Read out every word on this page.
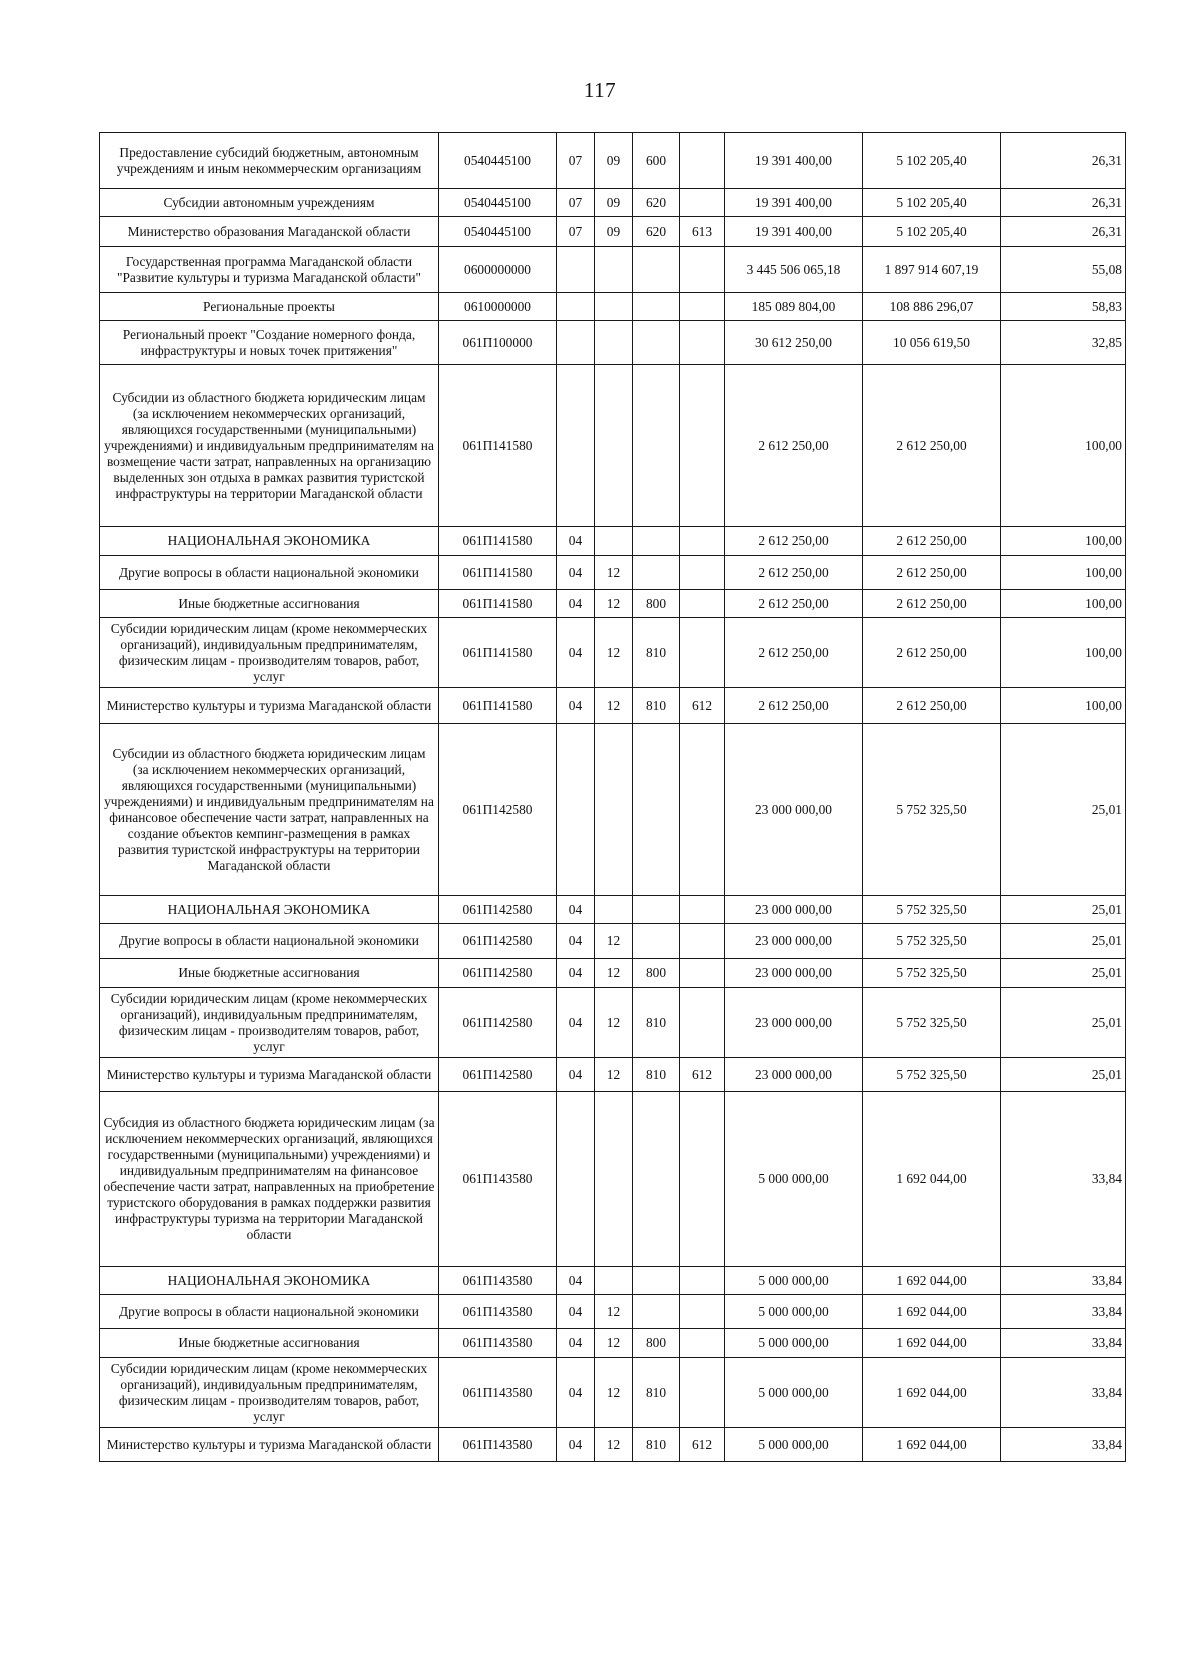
117
Предоставление субсидий бюджетным, автономным учреждениям и иным некоммерческим организациям	0540445100	07	09	600		19 391 400,00	5 102 205,40	26,31
Субсидии автономным учреждениям	0540445100	07	09	620		19 391 400,00	5 102 205,40	26,31
Министерство образования Магаданской области	0540445100	07	09	620	613	19 391 400,00	5 102 205,40	26,31
Государственная программа Магаданской области "Развитие культуры и туризма Магаданской области"	0600000000					3 445 506 065,18	1 897 914 607,19	55,08
Региональные проекты	0610000000					185 089 804,00	108 886 296,07	58,83
Региональный проект "Создание номерного фонда, инфраструктуры и новых точек притяжения"	061П100000					30 612 250,00	10 056 619,50	32,85
Субсидии из областного бюджета юридическим лицам (за исключением некоммерческих организаций, являющихся государственными (муниципальными) учреждениями) и индивидуальным предпринимателям на возмещение части затрат, направленных на организацию выделенных зон отдыха в рамках развития туристской инфраструктуры на территории Магаданской области	061П141580					2 612 250,00	2 612 250,00	100,00
НАЦИОНАЛЬНАЯ ЭКОНОМИКА	061П141580	04				2 612 250,00	2 612 250,00	100,00
Другие вопросы в области национальной экономики	061П141580	04	12			2 612 250,00	2 612 250,00	100,00
Иные бюджетные ассигнования	061П141580	04	12	800		2 612 250,00	2 612 250,00	100,00
Субсидии юридическим лицам (кроме некоммерческих организаций), индивидуальным предпринимателям, физическим лицам - производителям товаров, работ, услуг	061П141580	04	12	810		2 612 250,00	2 612 250,00	100,00
Министерство культуры и туризма Магаданской области	061П141580	04	12	810	612	2 612 250,00	2 612 250,00	100,00
Субсидии из областного бюджета юридическим лицам (за исключением некоммерческих организаций, являющихся государственными (муниципальными) учреждениями) и индивидуальным предпринимателям на финансовое обеспечение части затрат, направленных на создание объектов кемпинг-размещения в рамках развития туристской инфраструктуры на территории Магаданской области	061П142580					23 000 000,00	5 752 325,50	25,01
НАЦИОНАЛЬНАЯ ЭКОНОМИКА	061П142580	04				23 000 000,00	5 752 325,50	25,01
Другие вопросы в области национальной экономики	061П142580	04	12			23 000 000,00	5 752 325,50	25,01
Иные бюджетные ассигнования	061П142580	04	12	800		23 000 000,00	5 752 325,50	25,01
Субсидии юридическим лицам (кроме некоммерческих организаций), индивидуальным предпринимателям, физическим лицам - производителям товаров, работ, услуг	061П142580	04	12	810		23 000 000,00	5 752 325,50	25,01
Министерство культуры и туризма Магаданской области	061П142580	04	12	810	612	23 000 000,00	5 752 325,50	25,01
Субсидия из областного бюджета юридическим лицам (за исключением некоммерческих организаций, являющихся государственными (муниципальными) учреждениями) и индивидуальным предпринимателям на финансовое обеспечение части затрат, направленных на приобретение туристского оборудования в рамках поддержки развития инфраструктуры туризма на территории Магаданской области	061П143580					5 000 000,00	1 692 044,00	33,84
НАЦИОНАЛЬНАЯ ЭКОНОМИКА	061П143580	04				5 000 000,00	1 692 044,00	33,84
Другие вопросы в области национальной экономики	061П143580	04	12			5 000 000,00	1 692 044,00	33,84
Иные бюджетные ассигнования	061П143580	04	12	800		5 000 000,00	1 692 044,00	33,84
Субсидии юридическим лицам (кроме некоммерческих организаций), индивидуальным предпринимателям, физическим лицам - производителям товаров, работ, услуг	061П143580	04	12	810		5 000 000,00	1 692 044,00	33,84
Министерство культуры и туризма Магаданской области	061П143580	04	12	810	612	5 000 000,00	1 692 044,00	33,84
